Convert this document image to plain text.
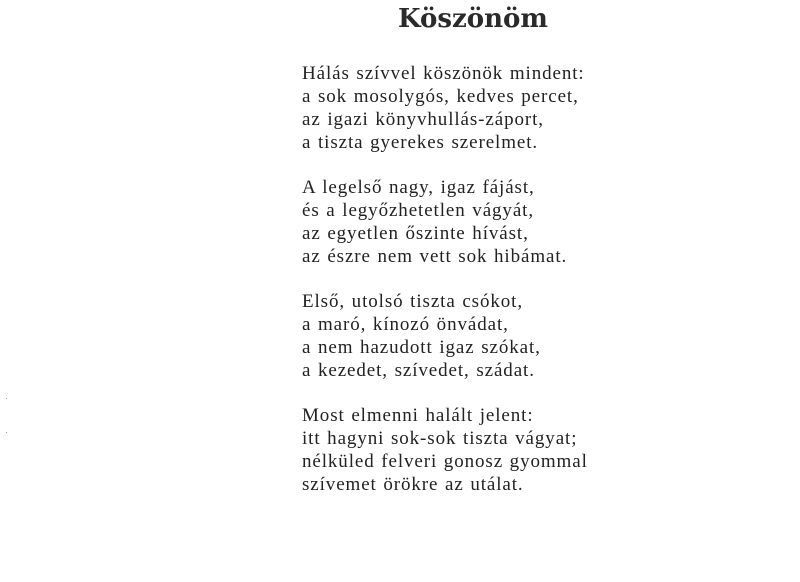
Köszönöm
Hálás szívvel köszönök mindent:
a sok mosolygós, kedves percet,
az igazi könyvhullás-záport,
a tiszta gyerekes szerelmet.
A legelső nagy, igaz fájást,
és a legyőzhetetlen vágyát,
az egyetlen őszinte hívást,
az észre nem vett sok hibámat.
Első, utolsó tiszta csókot,
a maró, kínozó önvádat,
a nem hazudott igaz szókat,
a kezedet, szívedet, szádat.
Most elmenni halált jelent:
itt hagyni sok-sok tiszta vágyat;
nélküled felveri gonosz gyommal
szívemet örökre az utálat.
